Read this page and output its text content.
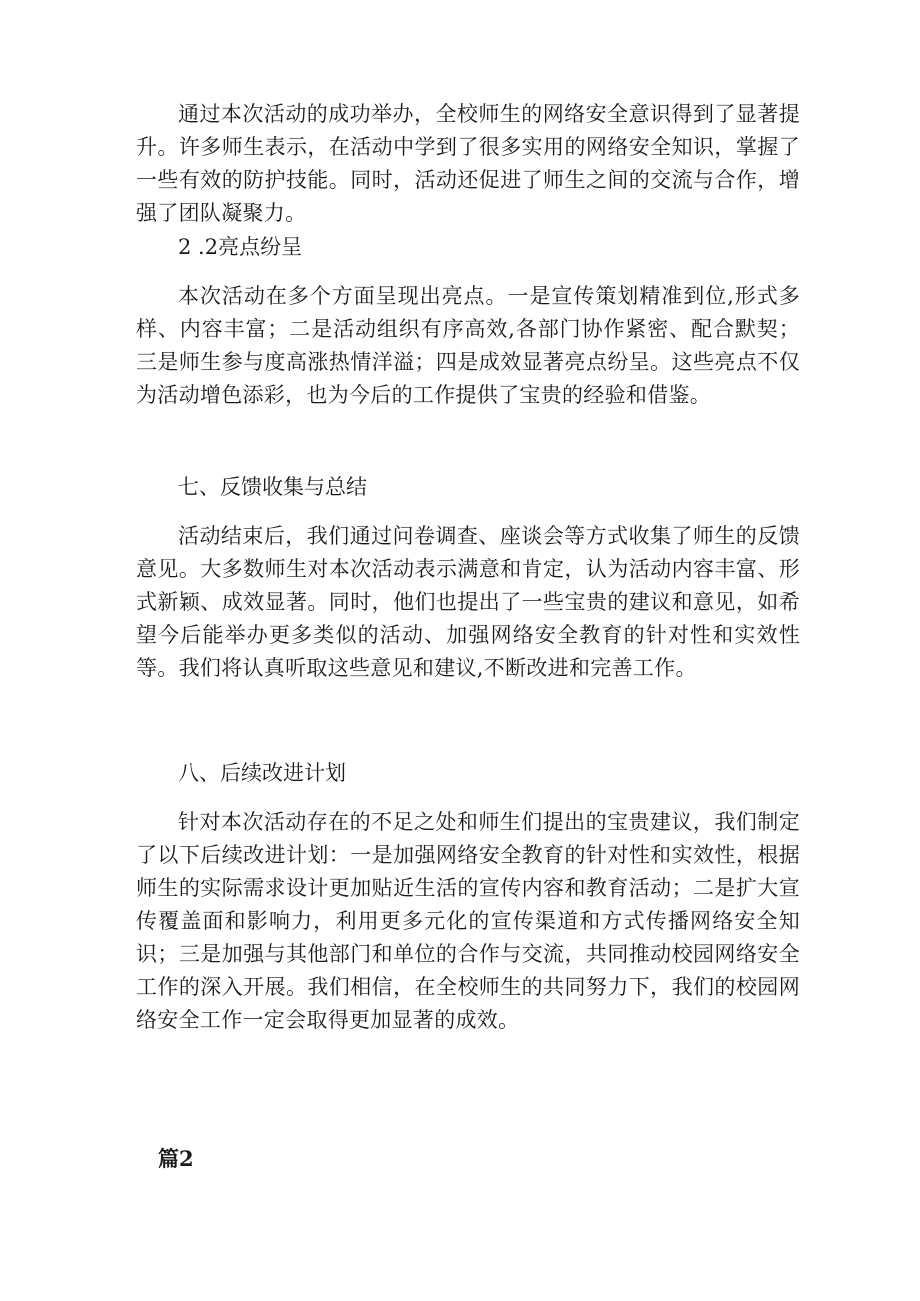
通过本次活动的成功举办，全校师生的网络安全意识得到了显著提升。许多师生表示，在活动中学到了很多实用的网络安全知识，掌握了一些有效的防护技能。同时，活动还促进了师生之间的交流与合作，增强了团队凝聚力。

2 .2亮点纷呈

本次活动在多个方面呈现出亮点。一是宣传策划精准到位,形式多样、内容丰富；二是活动组织有序高效,各部门协作紧密、配合默契；三是师生参与度高涨热情洋溢；四是成效显著亮点纷呈。这些亮点不仅为活动增色添彩，也为今后的工作提供了宝贵的经验和借鉴。

七、反馈收集与总结

活动结束后，我们通过问卷调查、座谈会等方式收集了师生的反馈意见。大多数师生对本次活动表示满意和肯定，认为活动内容丰富、形式新颖、成效显著。同时，他们也提出了一些宝贵的建议和意见，如希望今后能举办更多类似的活动、加强网络安全教育的针对性和实效性等。我们将认真听取这些意见和建议,不断改进和完善工作。

八、后续改进计划

针对本次活动存在的不足之处和师生们提出的宝贵建议，我们制定了以下后续改进计划：一是加强网络安全教育的针对性和实效性，根据师生的实际需求设计更加贴近生活的宣传内容和教育活动；二是扩大宣传覆盖面和影响力，利用更多元化的宣传渠道和方式传播网络安全知识；三是加强与其他部门和单位的合作与交流，共同推动校园网络安全工作的深入开展。我们相信，在全校师生的共同努力下，我们的校园网络安全工作一定会取得更加显著的成效。

篇2
